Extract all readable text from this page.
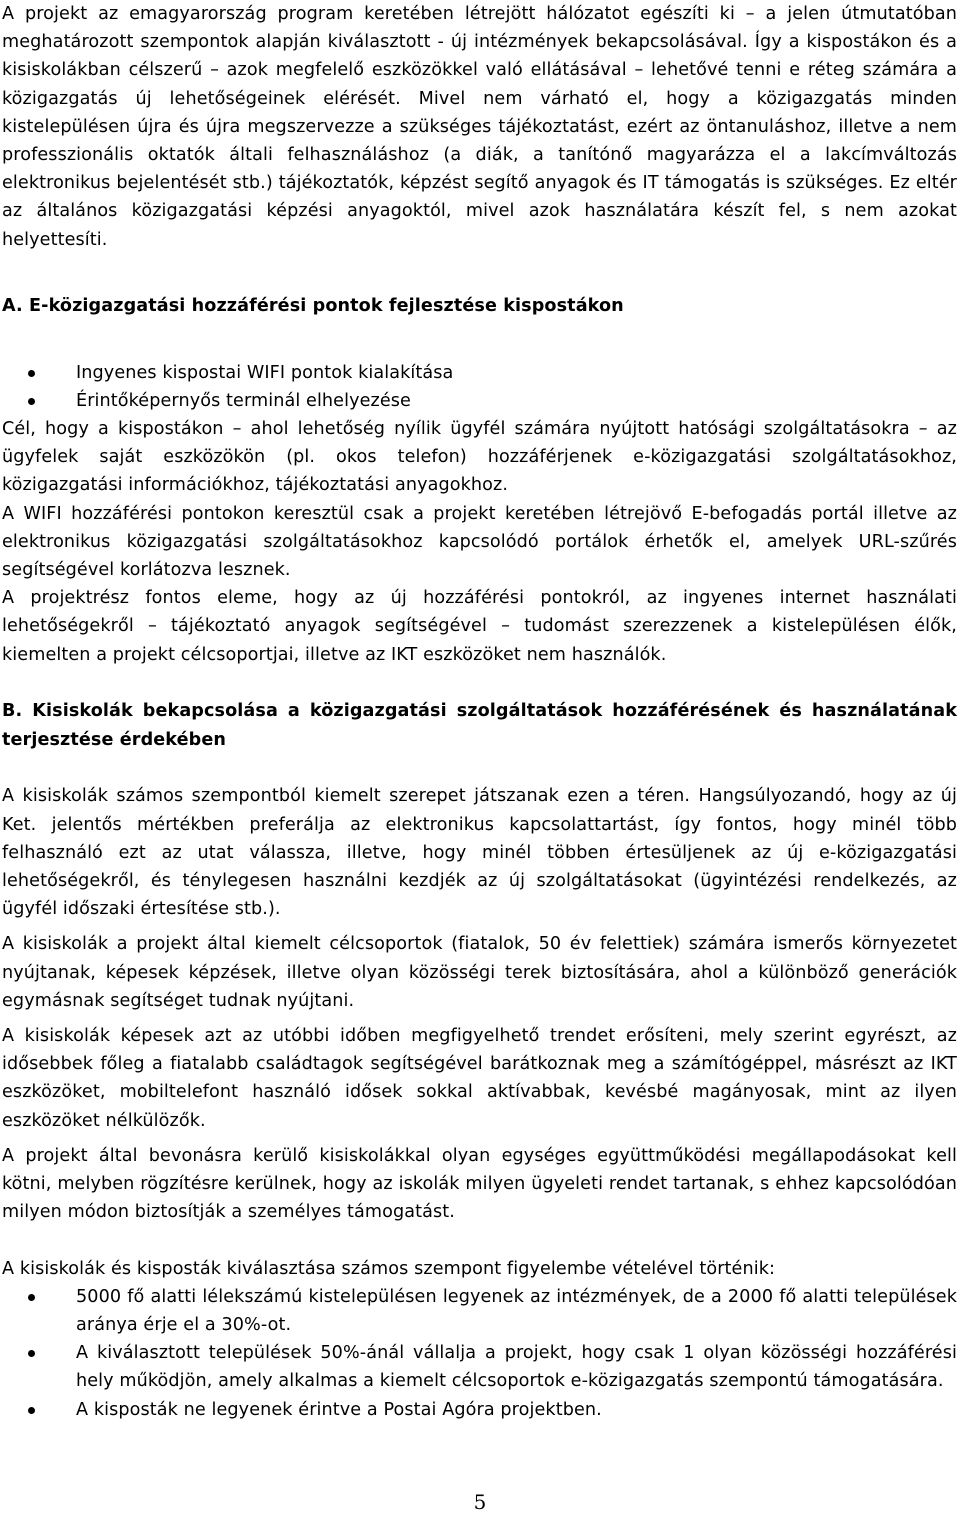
A projekt az emagyarország program keretében létrejött hálózatot egészíti ki – a jelen útmutatóban meghatározott szempontok alapján kiválasztott - új intézmények bekapcsolásával. Így a kispostákon és a kisiskolákban célszerű – azok megfelelő eszközökkel való ellátásával – lehetővé tenni e réteg számára a közigazgatás új lehetőségeinek elérését. Mivel nem várható el, hogy a közigazgatás minden kistelepülésen újra és újra megszervezze a szükséges tájékoztatást, ezért az öntanuláshoz, illetve a nem professzionális oktatók általi felhasználáshoz (a diák, a tanítónő magyarázza el a lakcímváltozás elektronikus bejelentését stb.) tájékoztatók, képzést segítő anyagok és IT támogatás is szükséges. Ez eltér az általános közigazgatási képzési anyagoktól, mivel azok használatára készít fel, s nem azokat helyettesíti.

A. E-közigazgatási hozzáférési pontok fejlesztése kispostákon
Ingyenes kispostai WIFI pontok kialakítása
Érintőképernyős terminál elhelyezése

Cél, hogy a kispostákon – ahol lehetőség nyílik ügyfél számára nyújtott hatósági szolgáltatásokra – az ügyfelek saját eszközökön (pl. okos telefon) hozzáférjenek e-közigazgatási szolgáltatásokhoz, közigazgatási információkhoz, tájékoztatási anyagokhoz.

A WIFI hozzáférési pontokon keresztül csak a projekt keretében létrejövő E-befogadás portál illetve az elektronikus közigazgatási szolgáltatásokhoz kapcsolódó portálok érhetők el, amelyek URL-szűrés segítségével korlátozva lesznek.

A projektrész fontos eleme, hogy az új hozzáférési pontokról, az ingyenes internet használati lehetőségekről – tájékoztató anyagok segítségével – tudomást szerezzenek a kistelepülésen élők, kiemelten a projekt célcsoportjai, illetve az IKT eszközöket nem használók.

B. Kisiskolák bekapcsolása a közigazgatási szolgáltatások hozzáférésének és használatának terjesztése érdekében

A kisiskolák számos szempontból kiemelt szerepet játszanak ezen a téren. Hangsúlyozandó, hogy az új Ket. jelentős mértékben preferálja az elektronikus kapcsolattartást, így fontos, hogy minél több felhasználó ezt az utat válassza, illetve, hogy minél többen értesüljenek az új e-közigazgatási lehetőségekről, és ténylegesen használni kezdjék az új szolgáltatásokat (ügyintézési rendelkezés, az ügyfél időszaki értesítése stb.).

A kisiskolák a projekt által kiemelt célcsoportok (fiatalok, 50 év felettiek) számára ismerős környezetet nyújtanak, képesek képzések, illetve olyan közösségi terek biztosítására, ahol a különböző generációk egymásnak segítséget tudnak nyújtani.

A kisiskolák képesek azt az utóbbi időben megfigyelhető trendet erősíteni, mely szerint egyrészt, az idősebbek főleg a fiatalabb családtagok segítségével barátkoznak meg a számítógéppel, másrészt az IKT eszközöket, mobiltelefont használó idősek sokkal aktívabbak, kevésbé magányosak, mint az ilyen eszközöket nélkülözők.

A projekt által bevonásra kerülő kisiskolákkal olyan egységes együttműködési megállapodásokat kell kötni, melyben rögzítésre kerülnek, hogy az iskolák milyen ügyeleti rendet tartanak, s ehhez kapcsolódóan milyen módon biztosítják a személyes támogatást.

A kisiskolák és kisposták kiválasztása számos szempont figyelembe vételével történik:

5000 fő alatti lélekszámú kistelepülésen legyenek az intézmények, de a 2000 fő alatti települések aránya érje el a 30%-ot.
A kiválasztott települések 50%-ánál vállalja a projekt, hogy csak 1 olyan közösségi hozzáférési hely működjön, amely alkalmas a kiemelt célcsoportok e-közigazgatás szempontú támogatására.
A kisposták ne legyenek érintve a Postai Agóra projektben.
5
